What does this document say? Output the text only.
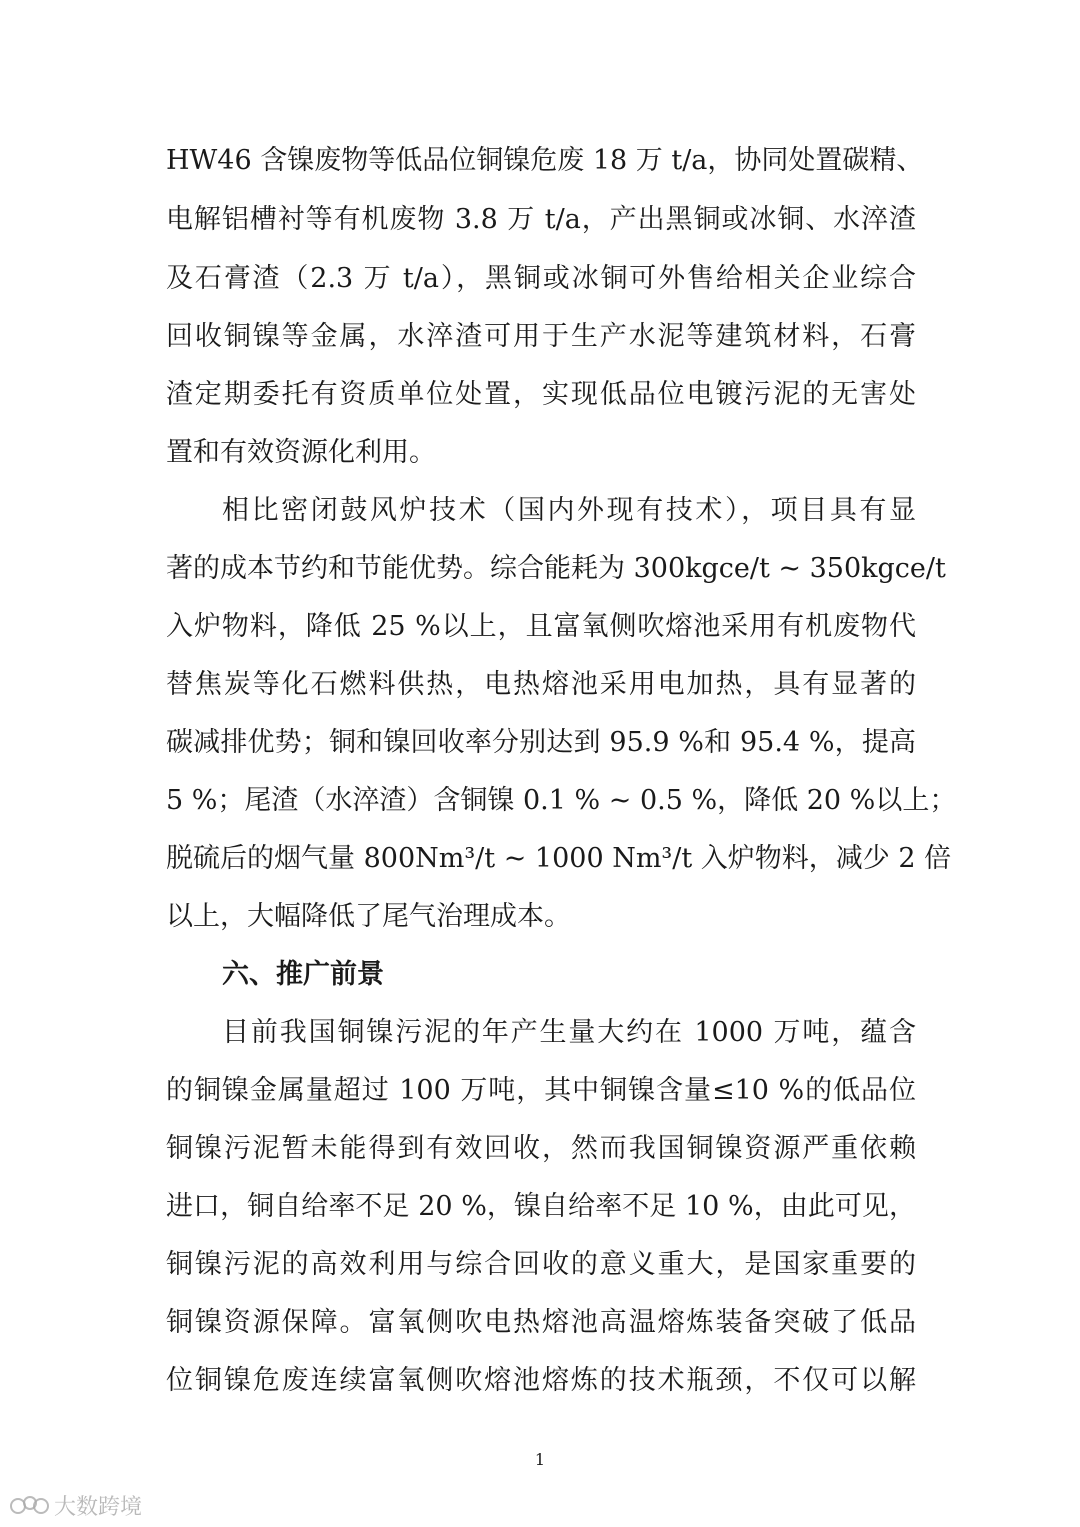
HW46 含镍废物等低品位铜镍危废 18 万 t/a，协同处置碳精、
电解铝槽衬等有机废物 3.8 万 t/a，产出黑铜或冰铜、水淬渣
及石膏渣（2.3 万 t/a），黑铜或冰铜可外售给相关企业综合
回收铜镍等金属，水淬渣可用于生产水泥等建筑材料，石膏
渣定期委托有资质单位处置，实现低品位电镀污泥的无害处
置和有效资源化利用。
相比密闭鼓风炉技术（国内外现有技术），项目具有显
著的成本节约和节能优势。综合能耗为 300kgce/t ~ 350kgce/t
入炉物料，降低 25 %以上，且富氧侧吹熔池采用有机废物代
替焦炭等化石燃料供热，电热熔池采用电加热，具有显著的
碳减排优势；铜和镍回收率分别达到 95.9 %和 95.4 %，提高
5 %；尾渣（水淬渣）含铜镍 0.1 % ~ 0.5 %，降低 20 %以上；
脱硫后的烟气量 800Nm³/t ~ 1000 Nm³/t 入炉物料，减少 2 倍
以上，大幅降低了尾气治理成本。
六、推广前景
目前我国铜镍污泥的年产生量大约在 1000 万吨，蕴含
的铜镍金属量超过 100 万吨，其中铜镍含量≤10 %的低品位
铜镍污泥暂未能得到有效回收，然而我国铜镍资源严重依赖
进口，铜自给率不足 20 %，镍自给率不足 10 %，由此可见，
铜镍污泥的高效利用与综合回收的意义重大，是国家重要的
铜镍资源保障。富氧侧吹电热熔池高温熔炼装备突破了低品
位铜镍危废连续富氧侧吹熔池熔炼的技术瓶颈，不仅可以解
1
大数跨境
